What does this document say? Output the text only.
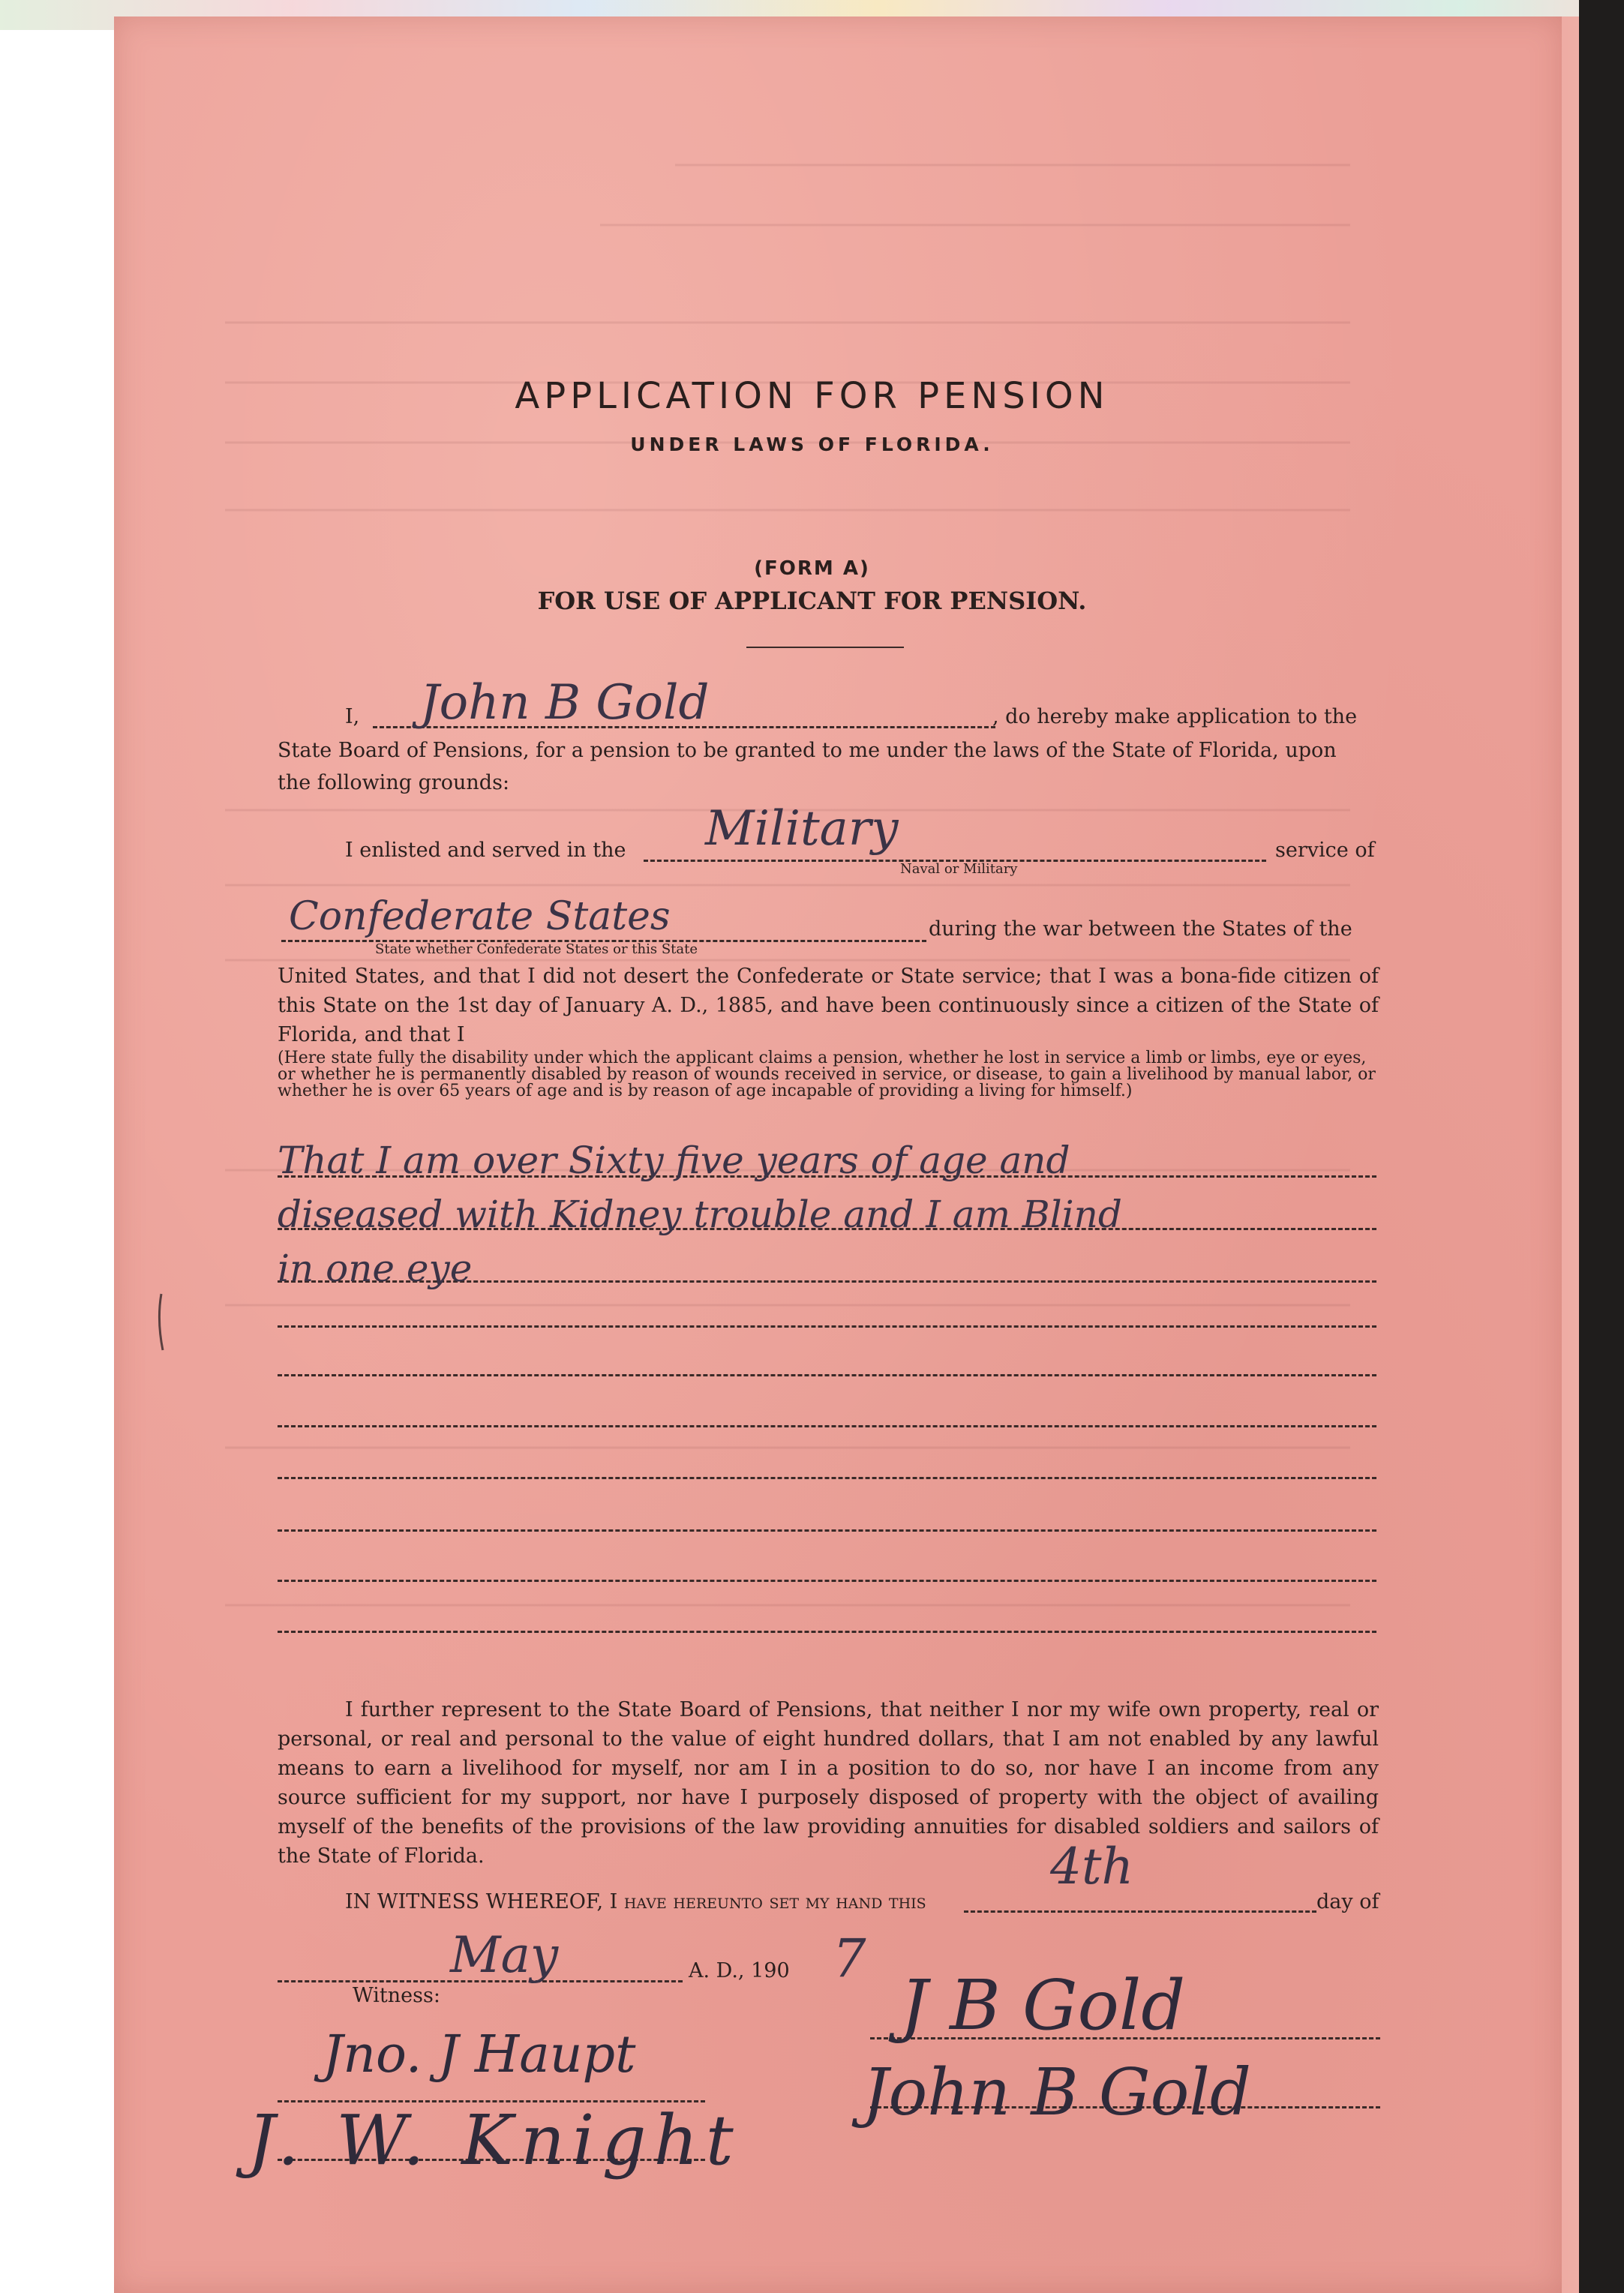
APPLICATION FOR PENSION
UNDER LAWS OF FLORIDA.
(FORM A)
FOR USE OF APPLICANT FOR PENSION.
I, John B Gold	, do hereby make application to the
State Board of Pensions, for a pension to be granted to me under the laws of the State of Florida, upon
the following grounds:
I enlisted and served in the Military
Naval or Military
service of
Confederate States
State whether Confederate States or this State
during the war between the States of the
United States, and that I did not desert the Confederate or State service; that I was a bona-fide citizen of this State on the 1st day of January A. D., 1885, and have been continuously since a citizen of the State of Florida, and that I
(Here state fully the disability under which the applicant claims a pension, whether he lost in service a limb or limbs, eye or eyes, or whether he is permanently disabled by reason of wounds received in service, or disease, to gain a livelihood by manual labor, or whether he is over 65 years of age and is by reason of age incapable of providing a living for himself.)
That I am over Sixty five years of age and
diseased with Kidney trouble and I am Blind
in one eye
I further represent to the State Board of Pensions, that neither I nor my wife own property, real or personal, or real and personal to the value of eight hundred dollars, that I am not enabled by any lawful means to earn a livelihood for myself, nor am I in a position to do so, nor have I an income from any source sufficient for my support, nor have I purposely disposed of property with the object of availing myself of the benefits of the provisions of the law providing annuities for disabled soldiers and sailors of the State of Florida.
IN WITNESS WHEREOF, I have hereunto set my hand this
4th
day of
May	A. D., 190 7
Witness:
Jno. J Haupt
J. W. Knight
J B Gold
John B Gold
